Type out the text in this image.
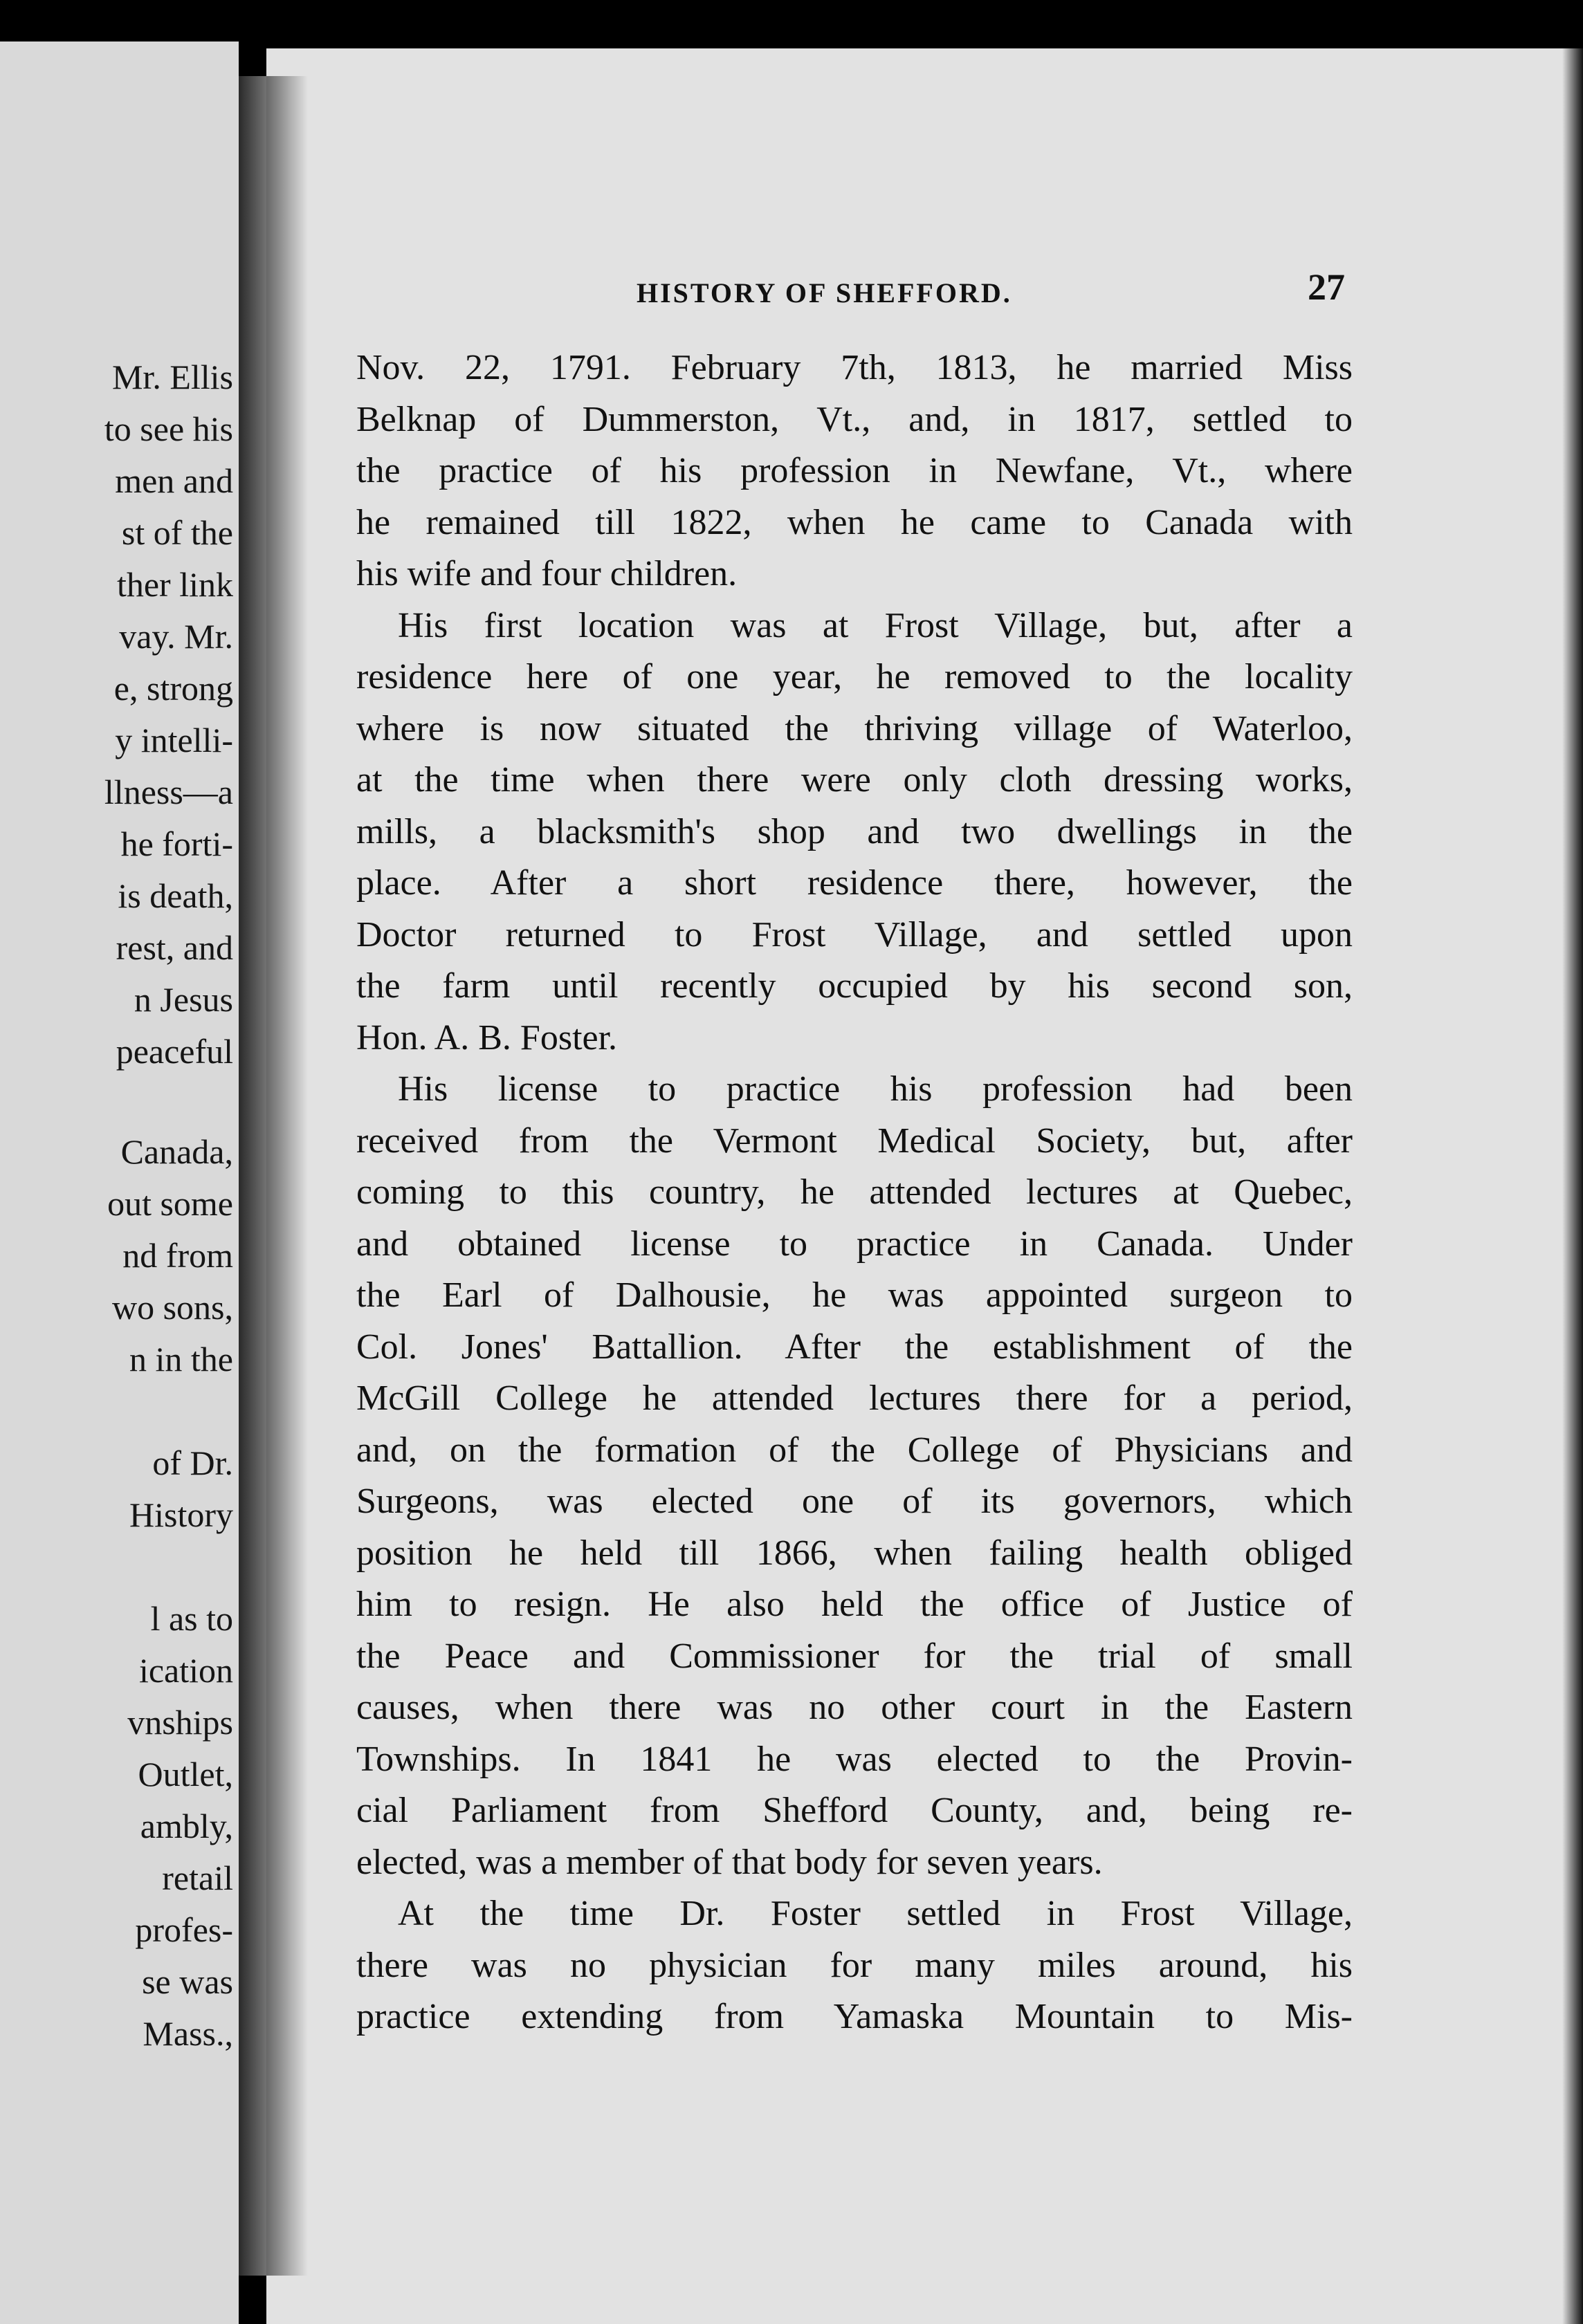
Mr. Ellis
to see his
men and
st of the
ther link
vay. Mr.
e, strong
y intelli-
llness—a
he forti-
is death,
rest, and
n Jesus
peaceful
Canada,
out some
nd from
wo sons,
n in the
of Dr.
History
l as to
ication
vnships
Outlet,
ambly,
retail
profes-
se was
Mass.,
HISTORY OF SHEFFORD.	27
Nov. 22, 1791. February 7th, 1813, he married Miss
Belknap of Dummerston, Vt., and, in 1817, settled to
the practice of his profession in Newfane, Vt., where
he remained till 1822, when he came to Canada with
his wife and four children.
His first location was at Frost Village, but, after a
residence here of one year, he removed to the locality
where is now situated the thriving village of Waterloo,
at the time when there were only cloth dressing works,
mills, a blacksmith's shop and two dwellings in the
place. After a short residence there, however, the
Doctor returned to Frost Village, and settled upon
the farm until recently occupied by his second son,
Hon. A. B. Foster.
His license to practice his profession had been
received from the Vermont Medical Society, but, after
coming to this country, he attended lectures at Quebec,
and obtained license to practice in Canada. Under
the Earl of Dalhousie, he was appointed surgeon to
Col. Jones' Battallion. After the establishment of the
McGill College he attended lectures there for a period,
and, on the formation of the College of Physicians and
Surgeons, was elected one of its governors, which
position he held till 1866, when failing health obliged
him to resign. He also held the office of Justice of
the Peace and Commissioner for the trial of small
causes, when there was no other court in the Eastern
Townships. In 1841 he was elected to the Provin-
cial Parliament from Shefford County, and, being re-
elected, was a member of that body for seven years.
At the time Dr. Foster settled in Frost Village,
there was no physician for many miles around, his
practice extending from Yamaska Mountain to Mis-
